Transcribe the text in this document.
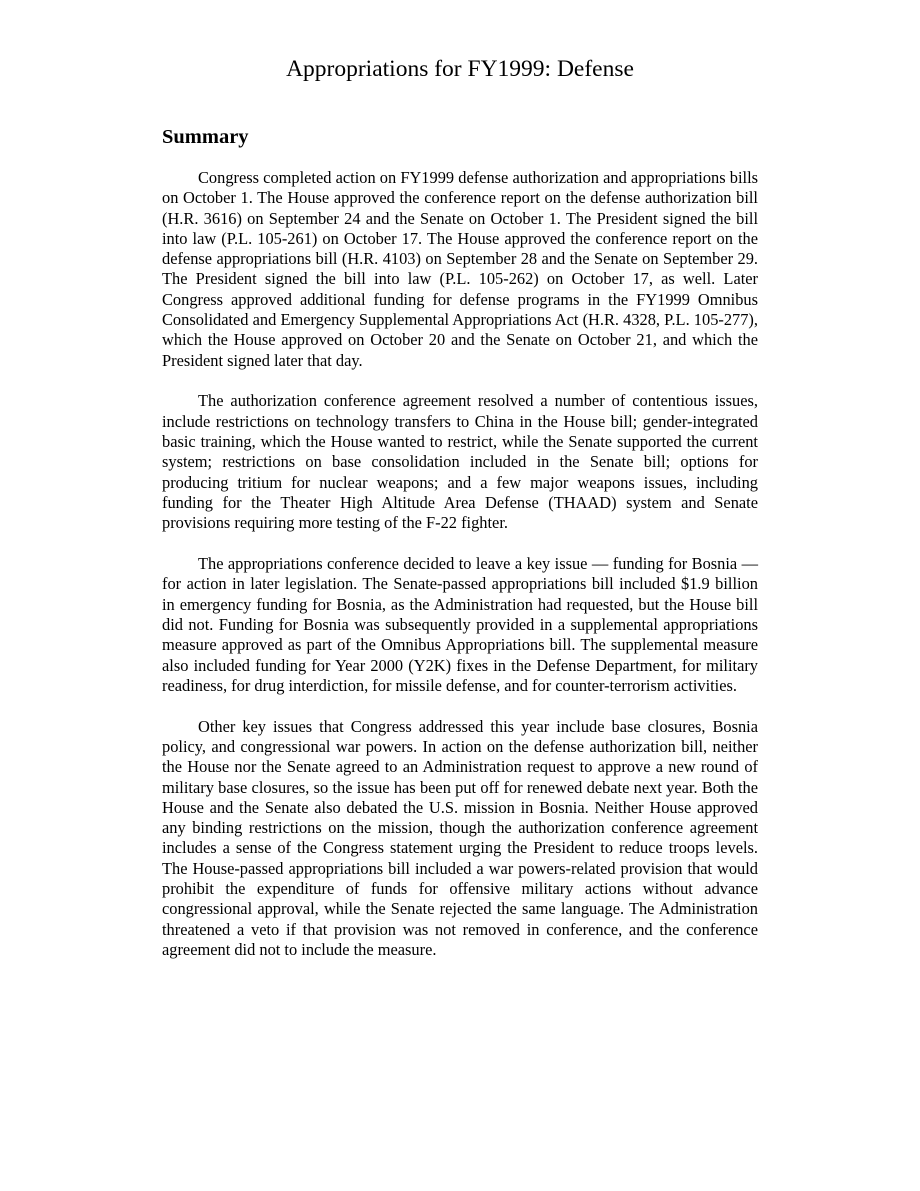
Appropriations for FY1999: Defense
Summary

Congress completed action on FY1999 defense authorization and appropriations bills on October 1. The House approved the conference report on the defense authorization bill (H.R. 3616) on September 24 and the Senate on October 1. The President signed the bill into law (P.L. 105-261) on October 17. The House approved the conference report on the defense appropriations bill (H.R. 4103) on September 28 and the Senate on September 29. The President signed the bill into law (P.L. 105-262) on October 17, as well. Later Congress approved additional funding for defense programs in the FY1999 Omnibus Consolidated and Emergency Supplemental Appropriations Act (H.R. 4328, P.L. 105-277), which the House approved on October 20 and the Senate on October 21, and which the President signed later that day.

The authorization conference agreement resolved a number of contentious issues, include restrictions on technology transfers to China in the House bill; gender-integrated basic training, which the House wanted to restrict, while the Senate supported the current system; restrictions on base consolidation included in the Senate bill; options for producing tritium for nuclear weapons; and a few major weapons issues, including funding for the Theater High Altitude Area Defense (THAAD) system and Senate provisions requiring more testing of the F-22 fighter.

The appropriations conference decided to leave a key issue — funding for Bosnia — for action in later legislation. The Senate-passed appropriations bill included $1.9 billion in emergency funding for Bosnia, as the Administration had requested, but the House bill did not. Funding for Bosnia was subsequently provided in a supplemental appropriations measure approved as part of the Omnibus Appropriations bill. The supplemental measure also included funding for Year 2000 (Y2K) fixes in the Defense Department, for military readiness, for drug interdiction, for missile defense, and for counter-terrorism activities.

Other key issues that Congress addressed this year include base closures, Bosnia policy, and congressional war powers. In action on the defense authorization bill, neither the House nor the Senate agreed to an Administration request to approve a new round of military base closures, so the issue has been put off for renewed debate next year. Both the House and the Senate also debated the U.S. mission in Bosnia. Neither House approved any binding restrictions on the mission, though the authorization conference agreement includes a sense of the Congress statement urging the President to reduce troops levels. The House-passed appropriations bill included a war powers-related provision that would prohibit the expenditure of funds for offensive military actions without advance congressional approval, while the Senate rejected the same language. The Administration threatened a veto if that provision was not removed in conference, and the conference agreement did not to include the measure.
